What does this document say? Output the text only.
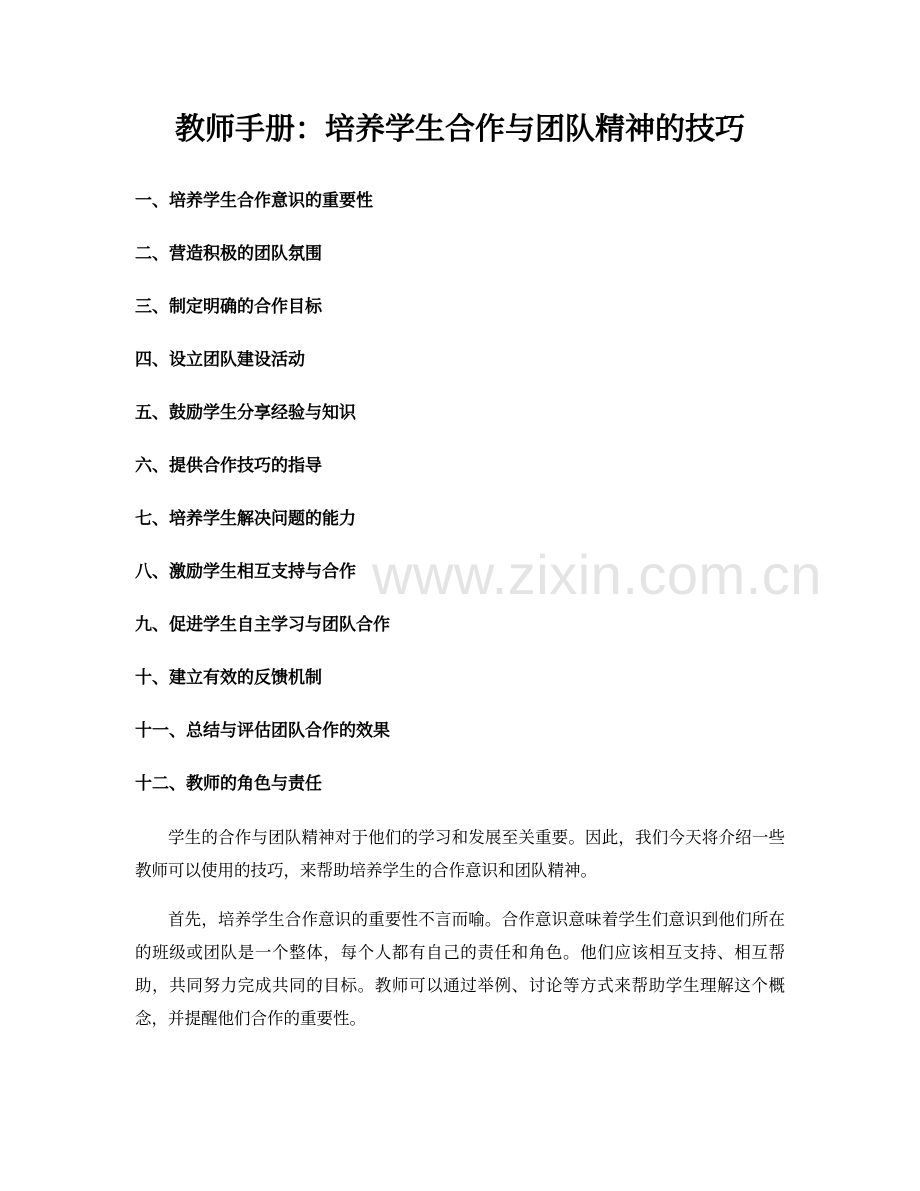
教师手册：培养学生合作与团队精神的技巧
一、培养学生合作意识的重要性
二、营造积极的团队氛围
三、制定明确的合作目标
四、设立团队建设活动
五、鼓励学生分享经验与知识
六、提供合作技巧的指导
七、培养学生解决问题的能力
八、激励学生相互支持与合作
九、促进学生自主学习与团队合作
十、建立有效的反馈机制
十一、总结与评估团队合作的效果
十二、教师的角色与责任

学生的合作与团队精神对于他们的学习和发展至关重要。因此，我们今天将介绍一些教师可以使用的技巧，来帮助培养学生的合作意识和团队精神。

首先，培养学生合作意识的重要性不言而喻。合作意识意味着学生们意识到他们所在的班级或团队是一个整体，每个人都有自己的责任和角色。他们应该相互支持、相互帮助，共同努力完成共同的目标。教师可以通过举例、讨论等方式来帮助学生理解这个概念，并提醒他们合作的重要性。

www.zixin.com.cn
